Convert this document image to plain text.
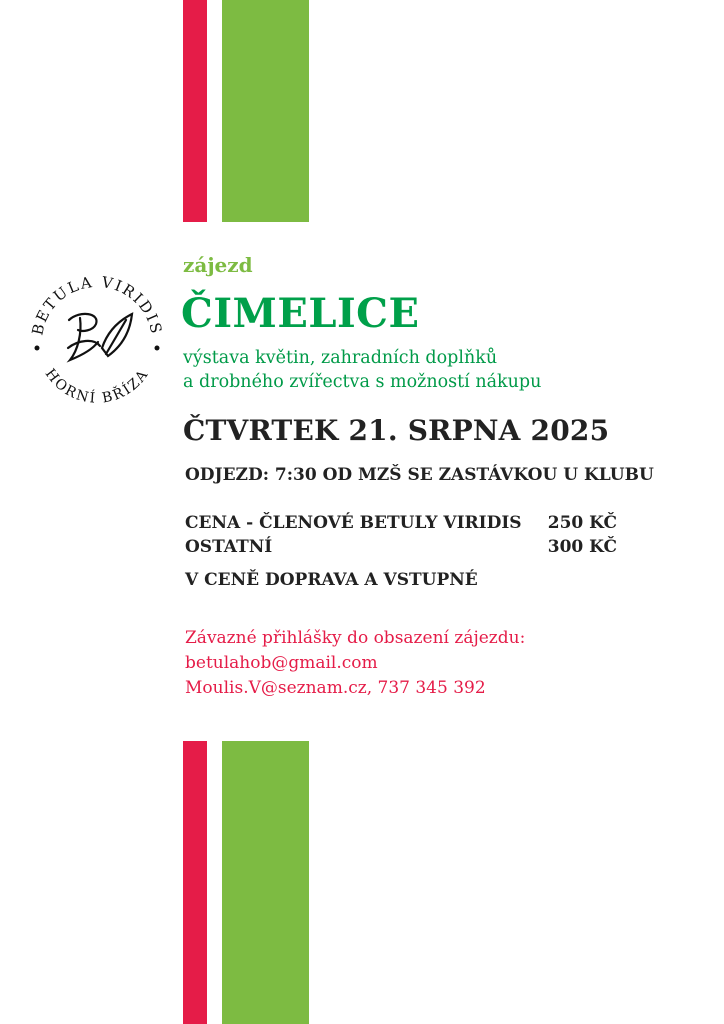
BETULA VIRIDIS
HORNÍ BŘÍZA
zájezd
ČIMELICE
výstava květin, zahradních doplňků
a drobného zvířectva s možností nákupu
ČTVRTEK 21. SRPNA 2025
ODJEZD: 7:30 OD MZŠ SE ZASTÁVKOU U KLUBU
CENA - ČLENOVÉ BETULY VIRIDIS 250 KČ
OSTATNÍ	300 KČ
V CENĚ DOPRAVA A VSTUPNÉ
Závazné přihlášky do obsazení zájezdu:
betulahob@gmail.com
Moulis.V@seznam.cz, 737 345 392
